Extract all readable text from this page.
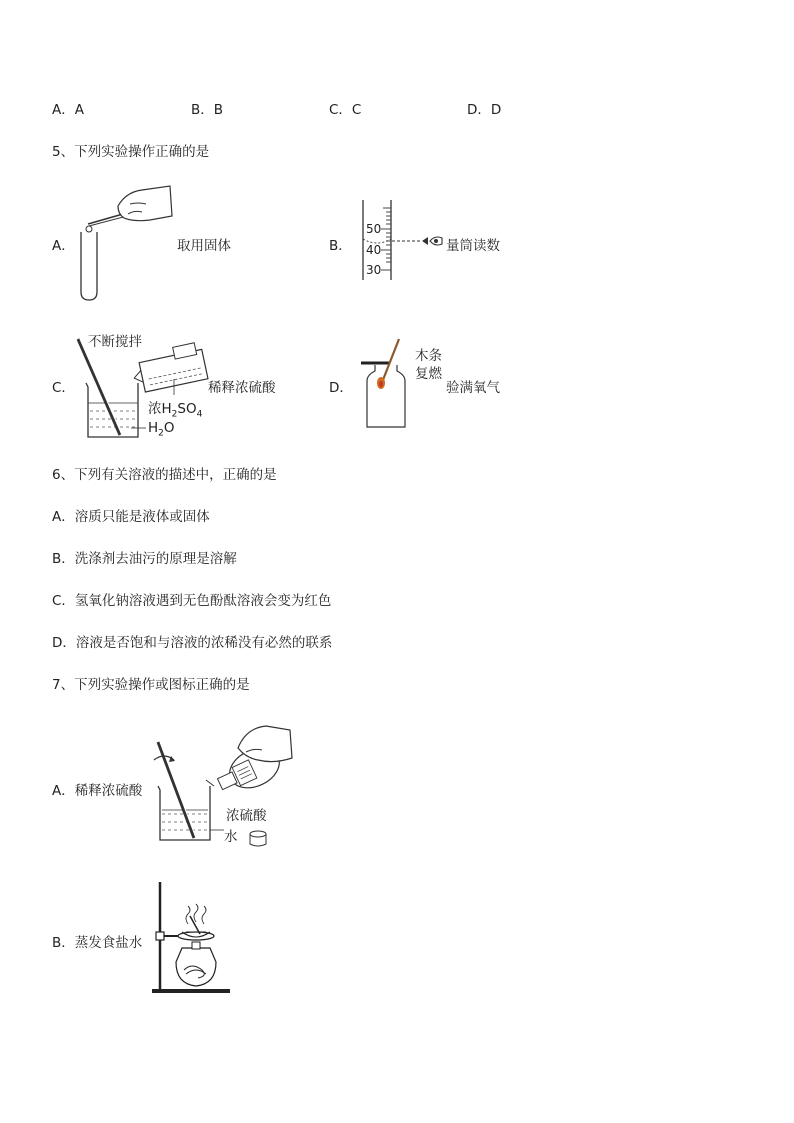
A．A	B．B	C．C	D．D
5、下列实验操作正确的是
A．	取用固体	B．
50
40
30
量筒读数
C．
不断搅拌
稀释浓硫酸
浓$H_2SO_4$
$H_2O$
D．
木条
复燃
验满氧气
6、下列有关溶液的描述中，正确的是
A．溶质只能是液体或固体
B．洗涤剂去油污的原理是溶解
C．氢氧化钠溶液遇到无色酚酞溶液会变为红色
D．溶液是否饱和与溶液的浓稀没有必然的联系
7、下列实验操作或图标正确的是
A．稀释浓硫酸
浓硫酸
水
B．蒸发食盐水
